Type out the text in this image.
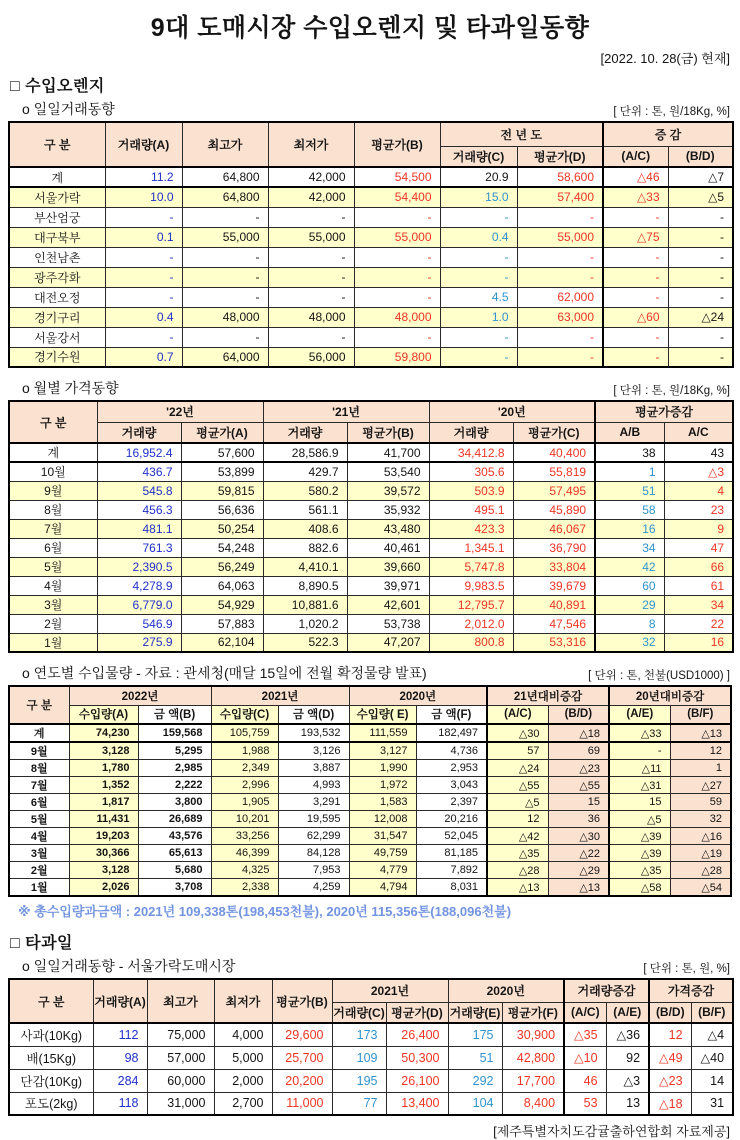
9대 도매시장 수입오렌지 및 타과일동향
[2022. 10. 28(금) 현재]
□ 수입오렌지
o 일일거래동향	[ 단위 : 톤, 원/18Kg, %]
구 분	거래량(A)	최고가	최저가	평균가(B)	전 년 도		증 감	
					거래량(C)	평균가(D)	(A/C)	(B/D)
계	11.2	64,800	42,000	54,500	20.9	58,600	△46	△7
서울가락	10.0	64,800	42,000	54,400	15.0	57,400	△33	△5
부산엄궁	-	-	-	-	-	-	-	-
대구북부	0.1	55,000	55,000	55,000	0.4	55,000	△75	-
인천남촌	-	-	-	-	-	-	-	-
광주각화	-	-	-	-	-	-	-	-
대전오정	-	-	-	-	4.5	62,000	-	-
경기구리	0.4	48,000	48,000	48,000	1.0	63,000	△60	△24
서울강서	-	-	-	-	-	-	-	-
경기수원	0.7	64,000	56,000	59,800	-	-	-	-
o 월별 가격동향	[ 단위 : 톤, 원/18Kg, %]
구 분	'22년		'21년		'20년		평균가증감	
	거래량	평균가(A)	거래량	평균가(B)	거래량	평균가(C)	A/B	A/C
계	16,952.4	57,600	28,586.9	41,700	34,412.8	40,400	38	43
10월	436.7	53,899	429.7	53,540	305.6	55,819	1	△3
9월	545.8	59,815	580.2	39,572	503.9	57,495	51	4
8월	456.3	56,636	561.1	35,932	495.1	45,890	58	23
7월	481.1	50,254	408.6	43,480	423.3	46,067	16	9
6월	761.3	54,248	882.6	40,461	1,345.1	36,790	34	47
5월	2,390.5	56,249	4,410.1	39,660	5,747.8	33,804	42	66
4월	4,278.9	64,063	8,890.5	39,971	9,983.5	39,679	60	61
3월	6,779.0	54,929	10,881.6	42,601	12,795.7	40,891	29	34
2월	546.9	57,883	1,020.2	53,738	2,012.0	47,546	8	22
1월	275.9	62,104	522.3	47,207	800.8	53,316	32	16
o 연도별 수입물량 - 자료 : 관세청(매달 15일에 전월 확정물량 발표)	[ 단위 : 톤, 천불(USD1000) ]
구 분	2022년		2021년		2020년		21년대비증감		20년대비증감	
	수입량(A)	금 액(B)	수입량(C)	금 액(D)	수입량( E)	금 액(F)	(A/C)	(B/D)	(A/E)	(B/F)
계	74,230	159,568	105,759	193,532	111,559	182,497	△30	△18	△33	△13
9월	3,128	5,295	1,988	3,126	3,127	4,736	57	69	-	12
8월	1,780	2,985	2,349	3,887	1,990	2,953	△24	△23	△11	1
7월	1,352	2,222	2,996	4,993	1,972	3,043	△55	△55	△31	△27
6월	1,817	3,800	1,905	3,291	1,583	2,397	△5	15	15	59
5월	11,431	26,689	10,201	19,595	12,008	20,216	12	36	△5	32
4월	19,203	43,576	33,256	62,299	31,547	52,045	△42	△30	△39	△16
3월	30,366	65,613	46,399	84,128	49,759	81,185	△35	△22	△39	△19
2월	3,128	5,680	4,325	7,953	4,779	7,892	△28	△29	△35	△28
1월	2,026	3,708	2,338	4,259	4,794	8,031	△13	△13	△58	△54
※ 총수입량과금액 : 2021년 109,338톤(198,453천불), 2020년 115,356톤(188,096천불)
□ 타과일
o 일일거래동향 - 서울가락도매시장	[ 단위 : 톤, 원, %]
구 분	거래량(A)	최고가	최저가	평균가(B)	2021년		2020년		거래량증감		가격증감	
					거래량(C)	평균가(D)	거래량(E)	평균가(F)	(A/C)	(A/E)	(B/D)	(B/F)
사과(10Kg)	112	75,000	4,000	29,600	173	26,400	175	30,900	△35	△36	12	△4
배(15Kg)	98	57,000	5,000	25,700	109	50,300	51	42,800	△10	92	△49	△40
단감(10Kg)	284	60,000	2,000	20,200	195	26,100	292	17,700	46	△3	△23	14
포도(2kg)	118	31,000	2,700	11,000	77	13,400	104	8,400	53	13	△18	31
[제주특별자치도감귤출하연합회 자료제공]
